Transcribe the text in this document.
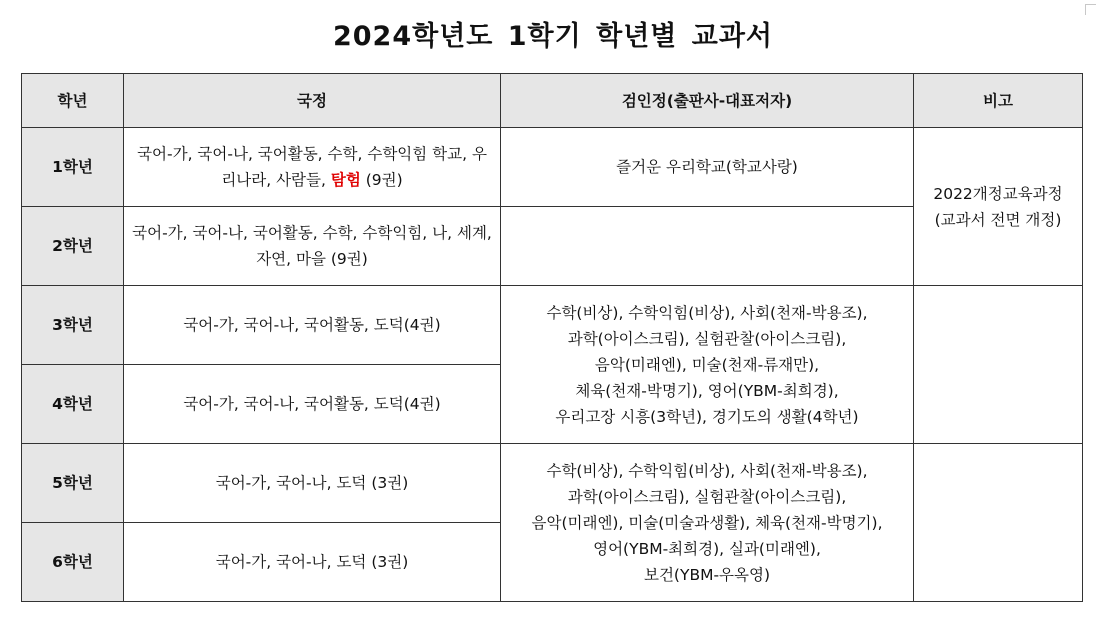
2024학년도 1학기 학년별 교과서
학년	국정	검인정(출판사-대표저자)	비고
1학년	국어-가, 국어-나, 국어활동, 수학, 수학익힘 학교, 우리나라, 사람들, 탐험 (9권)	즐거운 우리학교(학교사랑)	2022개정교육과정
(교과서 전면 개정)

2학년	국어-가, 국어-나, 국어활동, 수학, 수학익힘, 나, 세계, 자연, 마을 (9권)		
3학년	국어-가, 국어-나, 국어활동, 도덕(4권)	수학(비상), 수학익힘(비상), 사회(천재-박용조),
과학(아이스크림), 실험관찰(아이스크림),
음악(미래엔), 미술(천재-류재만),
체육(천재-박명기), 영어(YBM-최희경),
우리고장 시흥(3학년), 경기도의 생활(4학년)	

4학년	국어-가, 국어-나, 국어활동, 도덕(4권)		
5학년	국어-가, 국어-나, 도덕 (3권)	수학(비상), 수학익힘(비상), 사회(천재-박용조),
과학(아이스크림), 실험관찰(아이스크림),
음악(미래엔), 미술(미술과생활), 체육(천재-박명기),
영어(YBM-최희경), 실과(미래엔),
보건(YBM-우옥영)	

6학년	국어-가, 국어-나, 도덕 (3권)		
